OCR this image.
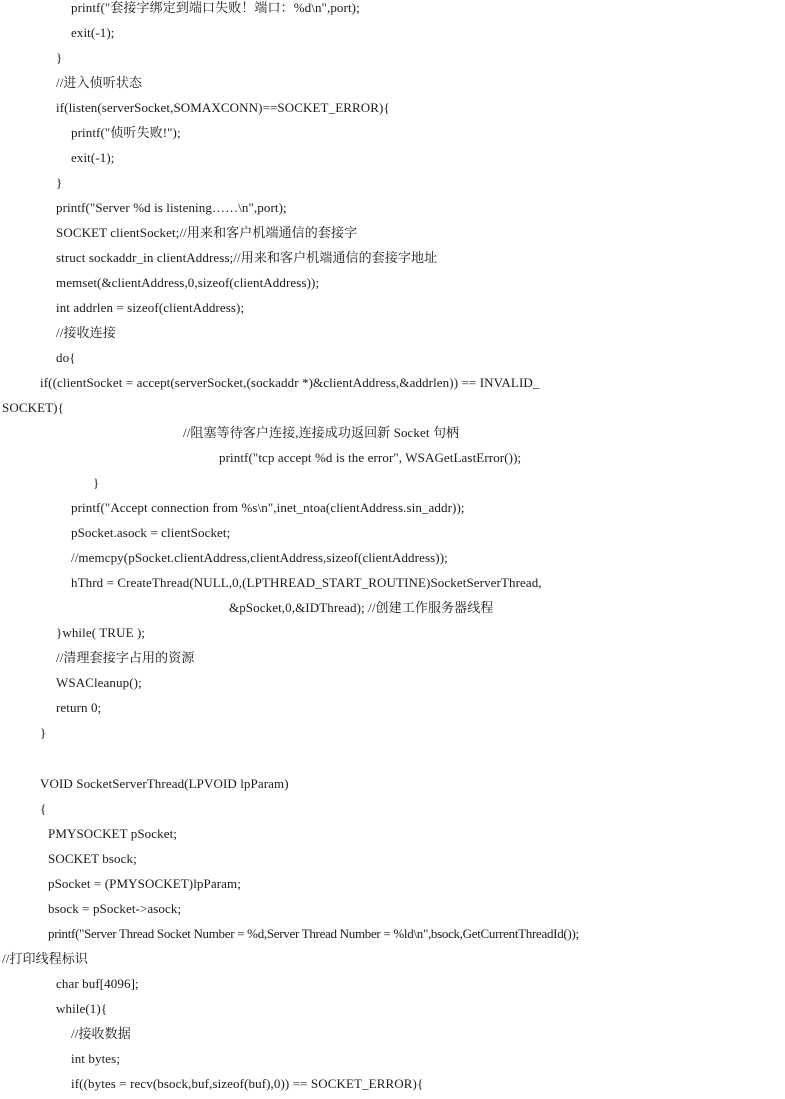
printf("套接字绑定到端口失败！端口：%d\n",port);
exit(-1);
}
//进入侦听状态
if(listen(serverSocket,SOMAXCONN)==SOCKET_ERROR){
printf("侦听失败!");
exit(-1);
}
printf("Server %d is listening……\n",port);
SOCKET clientSocket;//用来和客户机端通信的套接字
struct sockaddr_in clientAddress;//用来和客户机端通信的套接字地址
memset(&clientAddress,0,sizeof(clientAddress));
int addrlen = sizeof(clientAddress);
//接收连接
do{
if((clientSocket = accept(serverSocket,(sockaddr *)&clientAddress,&addrlen)) == INVALID_
SOCKET){
//阻塞等待客户连接,连接成功返回新 Socket 句柄
printf("tcp accept %d is the error", WSAGetLastError());
}
printf("Accept connection from %s\n",inet_ntoa(clientAddress.sin_addr));
pSocket.asock = clientSocket;
//memcpy(pSocket.clientAddress,clientAddress,sizeof(clientAddress));
hThrd = CreateThread(NULL,0,(LPTHREAD_START_ROUTINE)SocketServerThread,
&pSocket,0,&IDThread); //创建工作服务器线程
}while( TRUE );
//清理套接字占用的资源
WSACleanup();
return 0;
}
VOID SocketServerThread(LPVOID lpParam)
{
PMYSOCKET pSocket;
SOCKET bsock;
pSocket = (PMYSOCKET)lpParam;
bsock = pSocket->asock;
printf("Server Thread Socket Number = %d,Server Thread Number = %ld\n",bsock,GetCurrentThreadId());
//打印线程标识
char buf[4096];
while(1){
//接收数据
int bytes;
if((bytes = recv(bsock,buf,sizeof(buf),0)) == SOCKET_ERROR){
